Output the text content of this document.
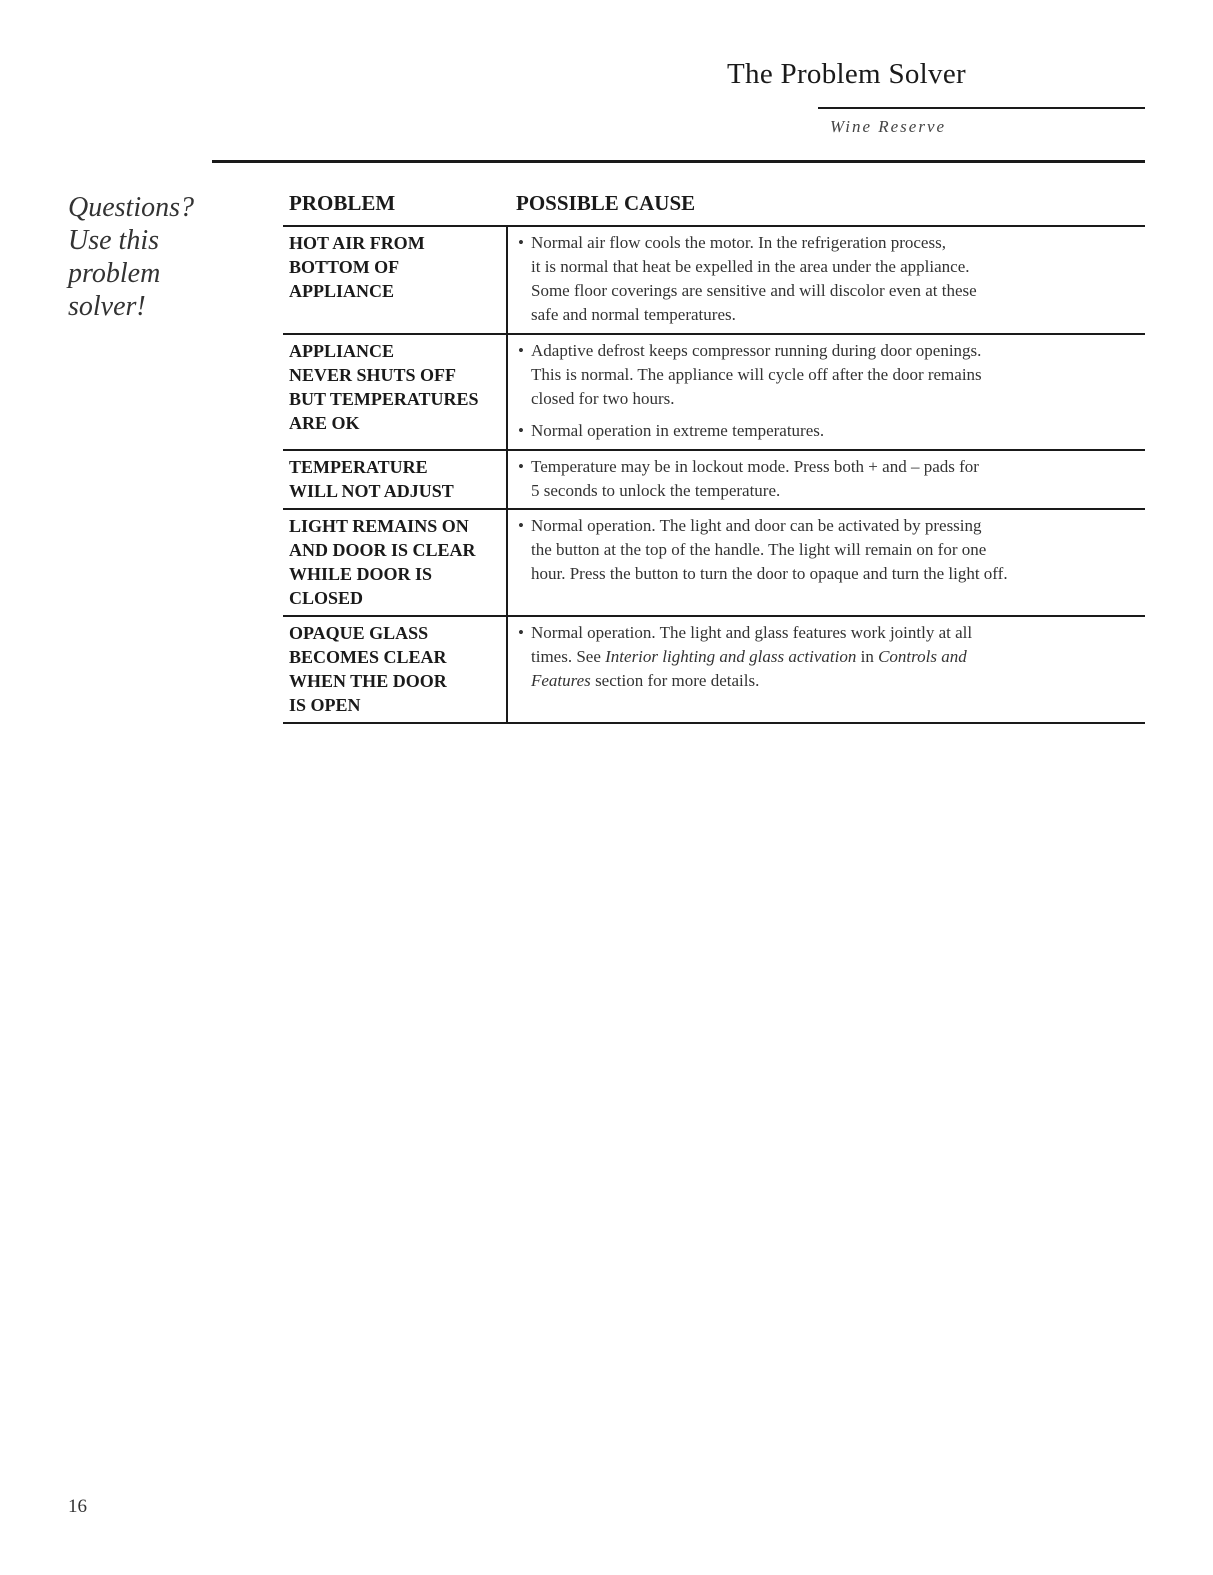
The Problem Solver
Wine Reserve
Questions?
Use this
problem
solver!
PROBLEM	POSSIBLE CAUSE
HOT AIR FROM
BOTTOM OF
APPLIANCE
• Normal air flow cools the motor. In the refrigeration process,
it is normal that heat be expelled in the area under the appliance.
Some floor coverings are sensitive and will discolor even at these
safe and normal temperatures.
APPLIANCE
NEVER SHUTS OFF
BUT TEMPERATURES
ARE OK
• Adaptive defrost keeps compressor running during door openings.
This is normal. The appliance will cycle off after the door remains
closed for two hours.
• Normal operation in extreme temperatures.
TEMPERATURE
WILL NOT ADJUST
• Temperature may be in lockout mode. Press both + and – pads for
5 seconds to unlock the temperature.
LIGHT REMAINS ON
AND DOOR IS CLEAR
WHILE DOOR IS
CLOSED
• Normal operation. The light and door can be activated by pressing
the button at the top of the handle. The light will remain on for one
hour. Press the button to turn the door to opaque and turn the light off.
OPAQUE GLASS
BECOMES CLEAR
WHEN THE DOOR
IS OPEN
• Normal operation. The light and glass features work jointly at all
times. See Interior lighting and glass activation in Controls and
Features section for more details.
16
